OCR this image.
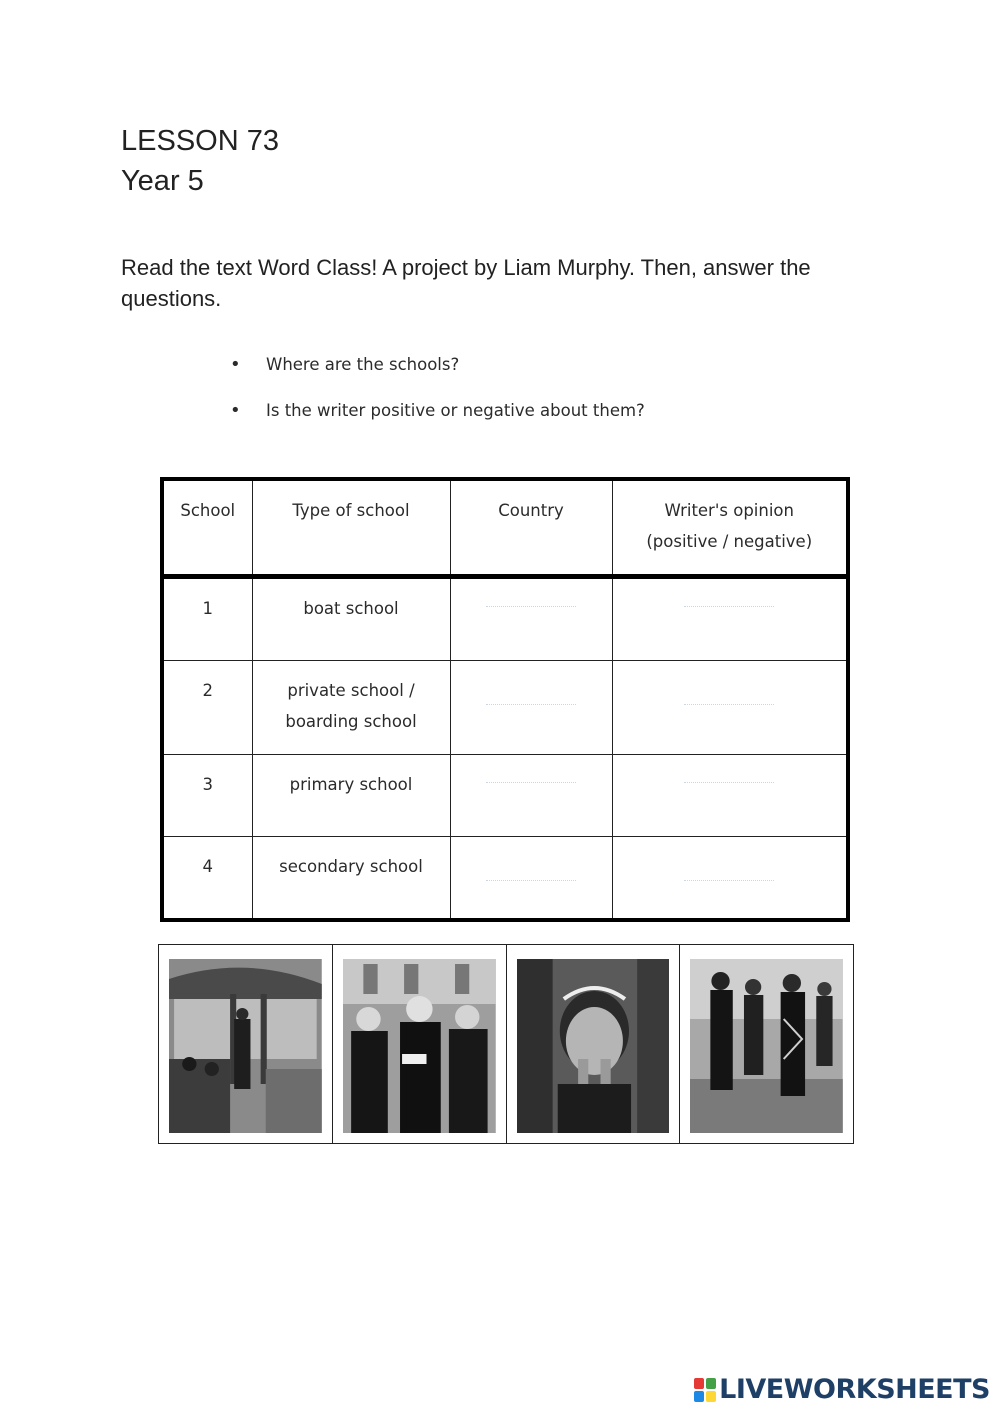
LESSON 73
Year 5
Read the text Word Class! A project by Liam Murphy. Then, answer the questions.
• Where are the schools?
• Is the writer positive or negative about them?
School	Type of school	Country	Writer's opinion
(positive / negative)
1	boat school	

2	private school /
boarding school	

3	primary school	

4	secondary school	

LIVEWORKSHEETS
